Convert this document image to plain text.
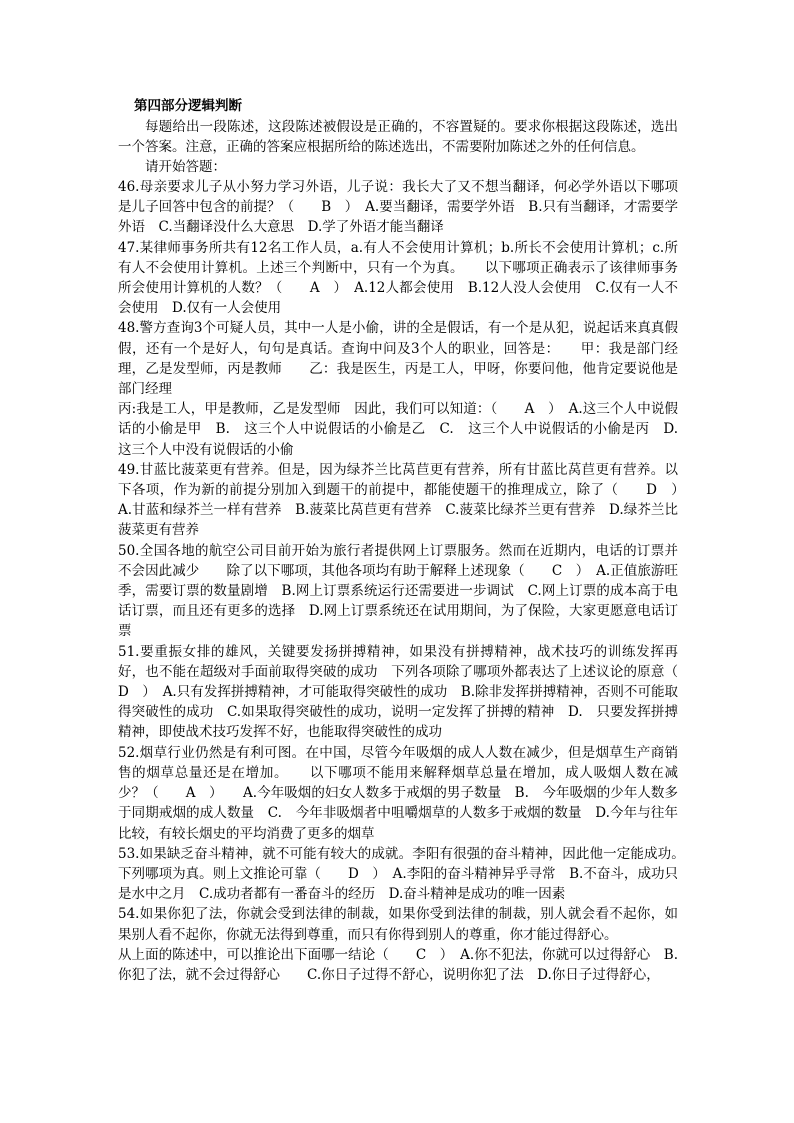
第四部分逻辑判断

每题给出一段陈述，这段陈述被假设是正确的，不容置疑的。要求你根据这段陈述，选出一个答案。注意，正确的答案应根据所给的陈述选出，不需要附加陈述之外的任何信息。

请开始答题：

46.母亲要求儿子从小努力学习外语，儿子说：我长大了又不想当翻译，何必学外语以下哪项是儿子回答中包含的前提？（　　B　）　A.要当翻译，需要学外语　B.只有当翻译，才需要学外语　C.当翻译没什么大意思　D.学了外语才能当翻译

47.某律师事务所共有12名工作人员，a.有人不会使用计算机；b.所长不会使用计算机；c.所有人不会使用计算机。上述三个判断中，只有一个为真。　　以下哪项正确表示了该律师事务所会使用计算机的人数？（　　A　）　A.12人都会使用　B.12人没人会使用　C.仅有一人不会使用　D.仅有一人会使用

48.警方查询3个可疑人员，其中一人是小偷，讲的全是假话，有一个是从犯，说起话来真真假假，还有一个是好人，句句是真话。查询中问及3个人的职业，回答是：　　甲：我是部门经理，乙是发型师，丙是教师　　乙：我是医生，丙是工人，甲呀，你要问他，他肯定要说他是部门经理

丙:我是工人，甲是教师，乙是发型师　因此，我们可以知道：（　　A　）　A.这三个人中说假话的小偷是甲　B.　这三个人中说假话的小偷是乙　C.　这三个人中说假话的小偷是丙　D.　这三个人中没有说假话的小偷

49.甘蓝比菠菜更有营养。但是，因为绿芥兰比莴苣更有营养，所有甘蓝比莴苣更有营养。以下各项，作为新的前提分别加入到题干的前提中，都能使题干的推理成立，除了（　　D　）　A.甘蓝和绿芥兰一样有营养　B.菠菜比莴苣更有营养　C.菠菜比绿芥兰更有营养　D.绿芥兰比菠菜更有营养

50.全国各地的航空公司目前开始为旅行者提供网上订票服务。然而在近期内，电话的订票并不会因此减少　　除了以下哪项，其他各项均有助于解释上述现象（　　C　）　A.正值旅游旺季，需要订票的数量剧增　B.网上订票系统运行还需要进一步调试　C.网上订票的成本高于电话订票，而且还有更多的选择　D.网上订票系统还在试用期间，为了保险，大家更愿意电话订票

51.要重振女排的雄风，关键要发扬拼搏精神，如果没有拼搏精神，战术技巧的训练发挥再好，也不能在超级对手面前取得突破的成功　下列各项除了哪项外都表达了上述议论的原意（　　D　）　A.只有发挥拼搏精神，才可能取得突破性的成功　B.除非发挥拼搏精神，否则不可能取得突破性的成功　C.如果取得突破性的成功，说明一定发挥了拼搏的精神　D.　只要发挥拼搏精神，即使战术技巧发挥不好，也能取得突破性的成功

52.烟草行业仍然是有利可图。在中国，尽管今年吸烟的成人人数在减少，但是烟草生产商销售的烟草总量还是在增加。　　以下哪项不能用来解释烟草总量在增加，成人吸烟人数在减少？（　　A　）　　A.今年吸烟的妇女人数多于戒烟的男子数量　B.　今年吸烟的少年人数多于同期戒烟的成人数量　C.　今年非吸烟者中咀嚼烟草的人数多于戒烟的数量　D.今年与往年比较，有较长烟史的平均消费了更多的烟草

53.如果缺乏奋斗精神，就不可能有较大的成就。李阳有很强的奋斗精神，因此他一定能成功。　　下列哪项为真。则上文推论可靠（　　D　）　A.李阳的奋斗精神异乎寻常　B.不奋斗，成功只是水中之月　C.成功者都有一番奋斗的经历　D.奋斗精神是成功的唯一因素

54.如果你犯了法，你就会受到法律的制裁，如果你受到法律的制裁，别人就会看不起你，如果别人看不起你，你就无法得到尊重，而只有你得到别人的尊重，你才能过得舒心。

从上面的陈述中，可以推论出下面哪一结论（　　C　）　A.你不犯法，你就可以过得舒心　B.你犯了法，就不会过得舒心　　C.你日子过得不舒心，说明你犯了法　D.你日子过得舒心，
